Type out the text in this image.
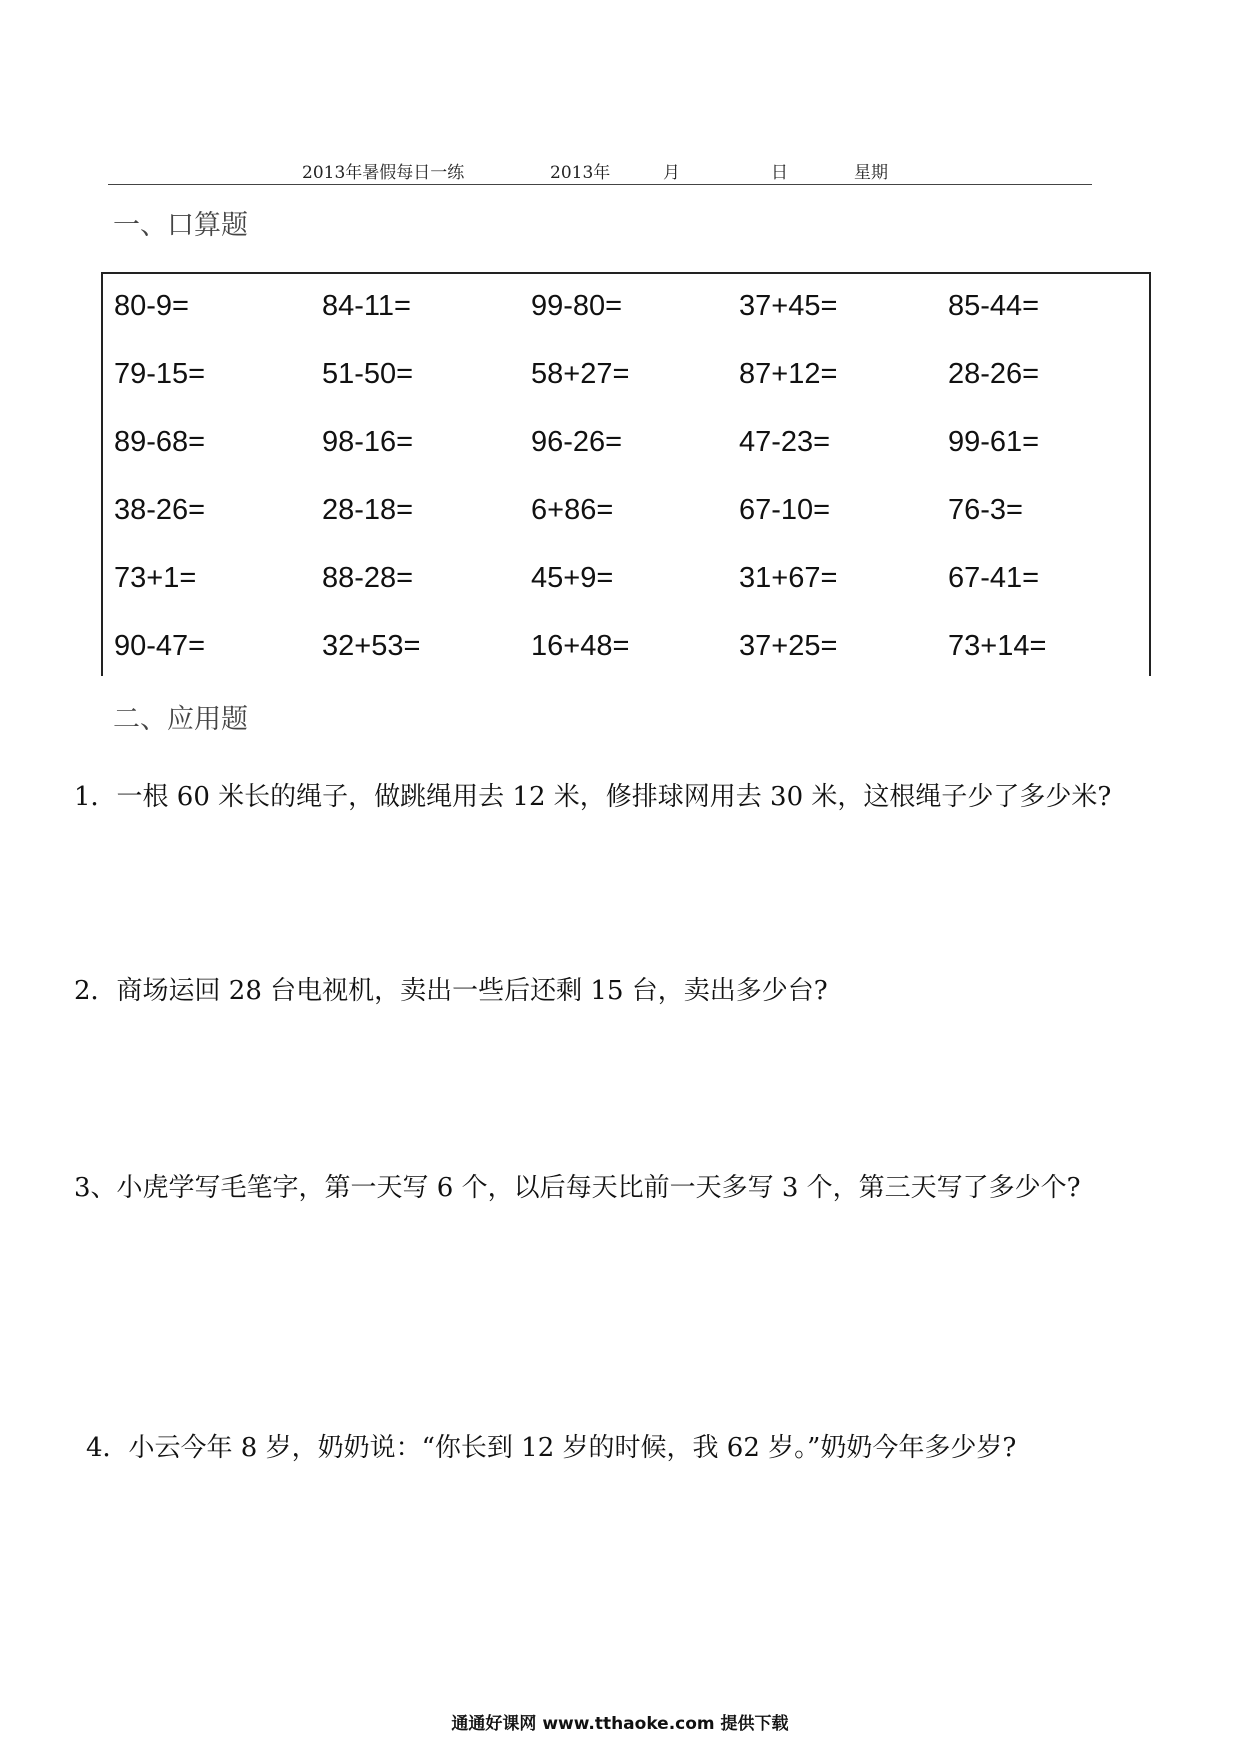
2013年暑假每日一练	2013年	月	日	星期
一、口算题
80-9=	84-11=	99-80=	37+45=	85-44=
79-15=	51-50=	58+27=	87+12=	28-26=
89-68=	98-16=	96-26=	47-23=	99-61=
38-26=	28-18=	6+86=	67-10=	76-3=
73+1=	88-28=	45+9=	31+67=	67-41=
90-47=	32+53=	16+48=	37+25=	73+14=
二、应用题
1．一根 60 米长的绳子，做跳绳用去 12 米，修排球网用去 30 米，这根绳子少了多少米?
2．商场运回 28 台电视机，卖出一些后还剩 15 台，卖出多少台?
3、小虎学写毛笔字，第一天写 6 个，以后每天比前一天多写 3 个，第三天写了多少个?
4．小云今年 8 岁，奶奶说：“你长到 12 岁的时候，我 62 岁。”奶奶今年多少岁?
通通好课网 www.tthaoke.com 提供下载
